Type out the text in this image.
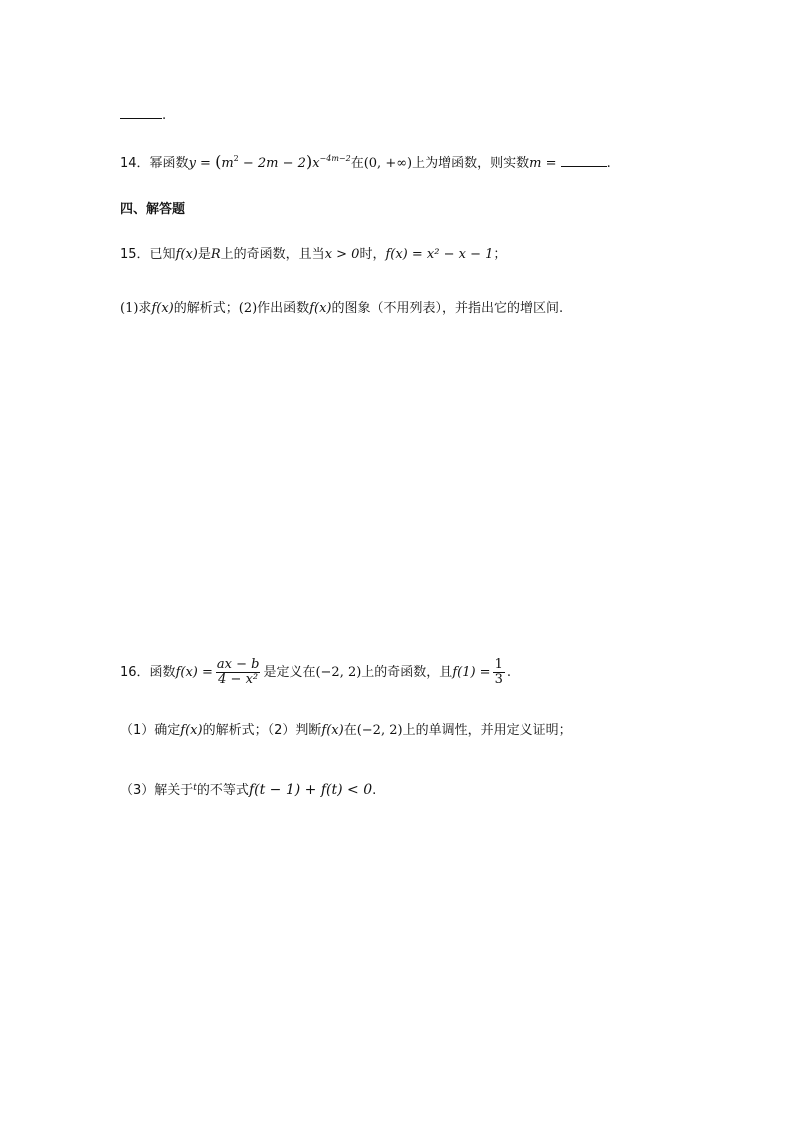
.
14．幂函数$y = (m^2 - 2m - 2)x^{-4m-2}$在(0, +∞)上为增函数，则实数m =	.
四、解答题
15．已知f(x)是R上的奇函数，且当x > 0时，f(x) = x² − x − 1；
(1)求f(x)的解析式；(2)作出函数f(x)的图象（不用列表），并指出它的增区间.
16．函数$f(x) = \frac{ax - b}{\text{4 − x²}}$ 是定义在(−2, 2)上的奇函数，且$f(1) = \frac{1}{3}$ .
（1）确定f(x)的解析式；（2）判断f(x)在(−2, 2)上的单调性，并用定义证明；
（3）解关于$^t$的不等式f(t − 1) + f(t) < 0.
